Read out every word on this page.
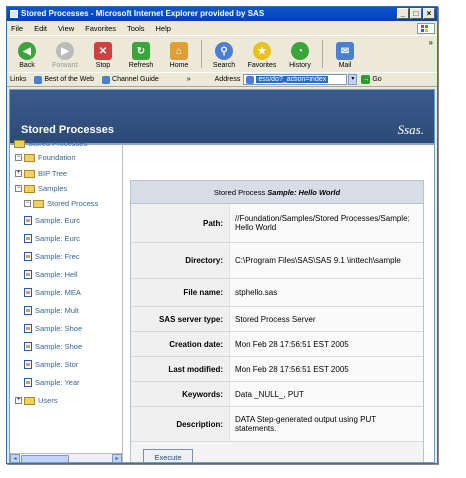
Stored Processes - Microsoft Internet Explorer provided by SAS	_	□	×
File Edit View Favorites Tools Help
◀
Back
▶
Forward
✕
Stop
↻
Refresh
⌂
Home
⚲
Search
★
Favorites
◔
History
✉
Mail
»
Links	Best of the Web	Channel Guide	»	Address	ess/do?_action=index	▾	→ Go
Stored Processes	Ssas.
Stored Processes
− Foundation
+ BIP Tree
− Samples
− Stored Process
Sample: Eurc
Sample: Eurc
Sample: Frec
Sample: Hell
Sample: MEA
Sample: Mult
Sample: Shoe
Sample: Shoe
Sample: Stor
Sample: Year
+ Users
◂	▸
Stored Process Sample: Hello World
Path:	//Foundation/Samples/Stored Processes/Sample: Hello World
Directory:	C:\Program Files\SAS\SAS 9.1 \inttech\sample
File name:	stphello.sas
SAS server type:	Stored Process Server
Creation date:	Mon Feb 28 17:56:51 EST 2005
Last modified:	Mon Feb 28 17:56:51 EST 2005
Keywords:	Data _NULL_, PUT
Description:	DATA Step-generated output using PUT statements.
Execute
